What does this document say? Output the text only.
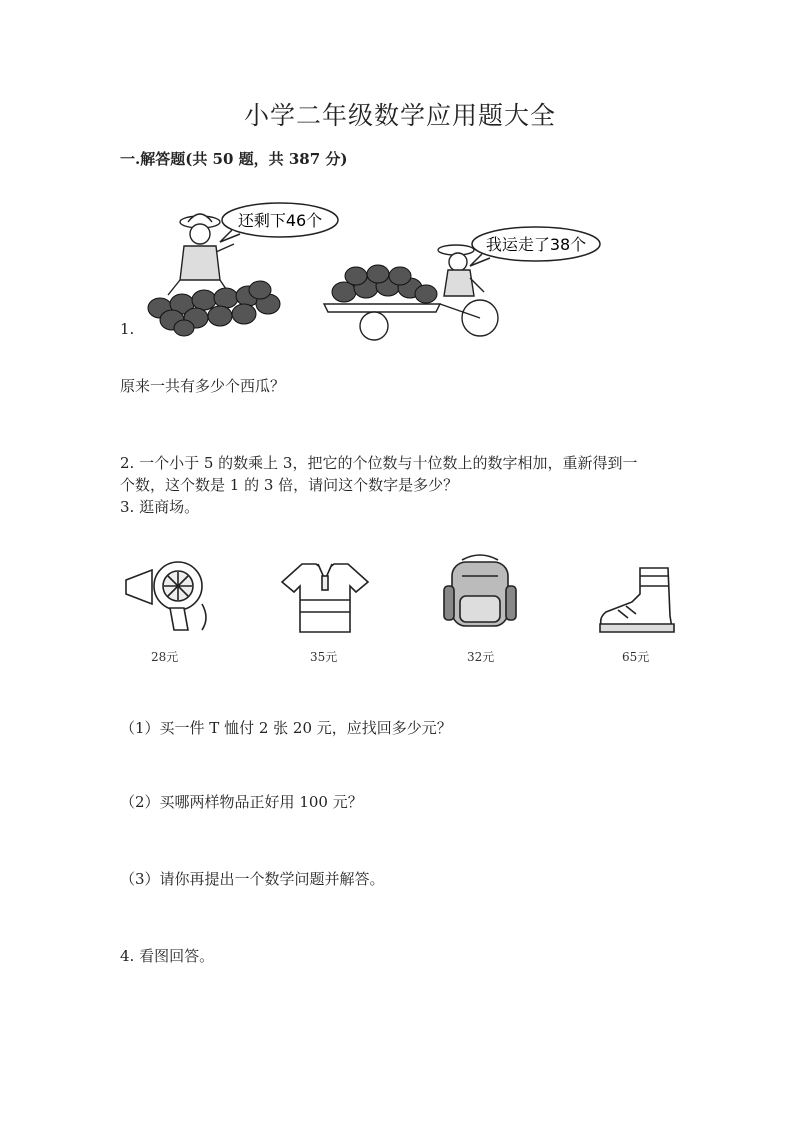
小学二年级数学应用题大全
一.解答题(共 50 题，共 387 分)
还剩下46个
我运走了38个
1.
原来一共有多少个西瓜？
2. 一个小于 5 的数乘上 3，把它的个位数与十位数上的数字相加，重新得到一
个数，这个数是 1 的 3 倍，请问这个数字是多少？
3. 逛商场。
28元	35元	32元	65元
（1）买一件 T 恤付 2 张 20 元，应找回多少元？
（2）买哪两样物品正好用 100 元？
（3）请你再提出一个数学问题并解答。
4. 看图回答。
